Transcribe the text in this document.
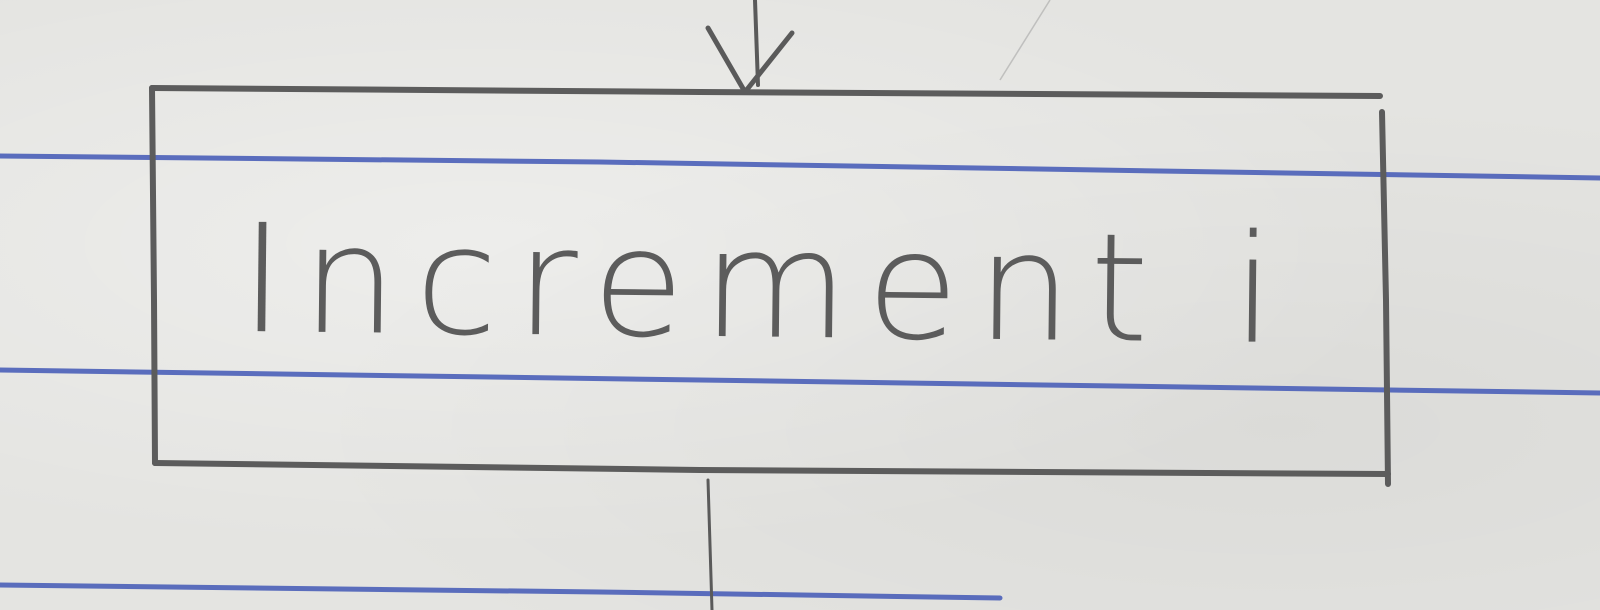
Increment i
